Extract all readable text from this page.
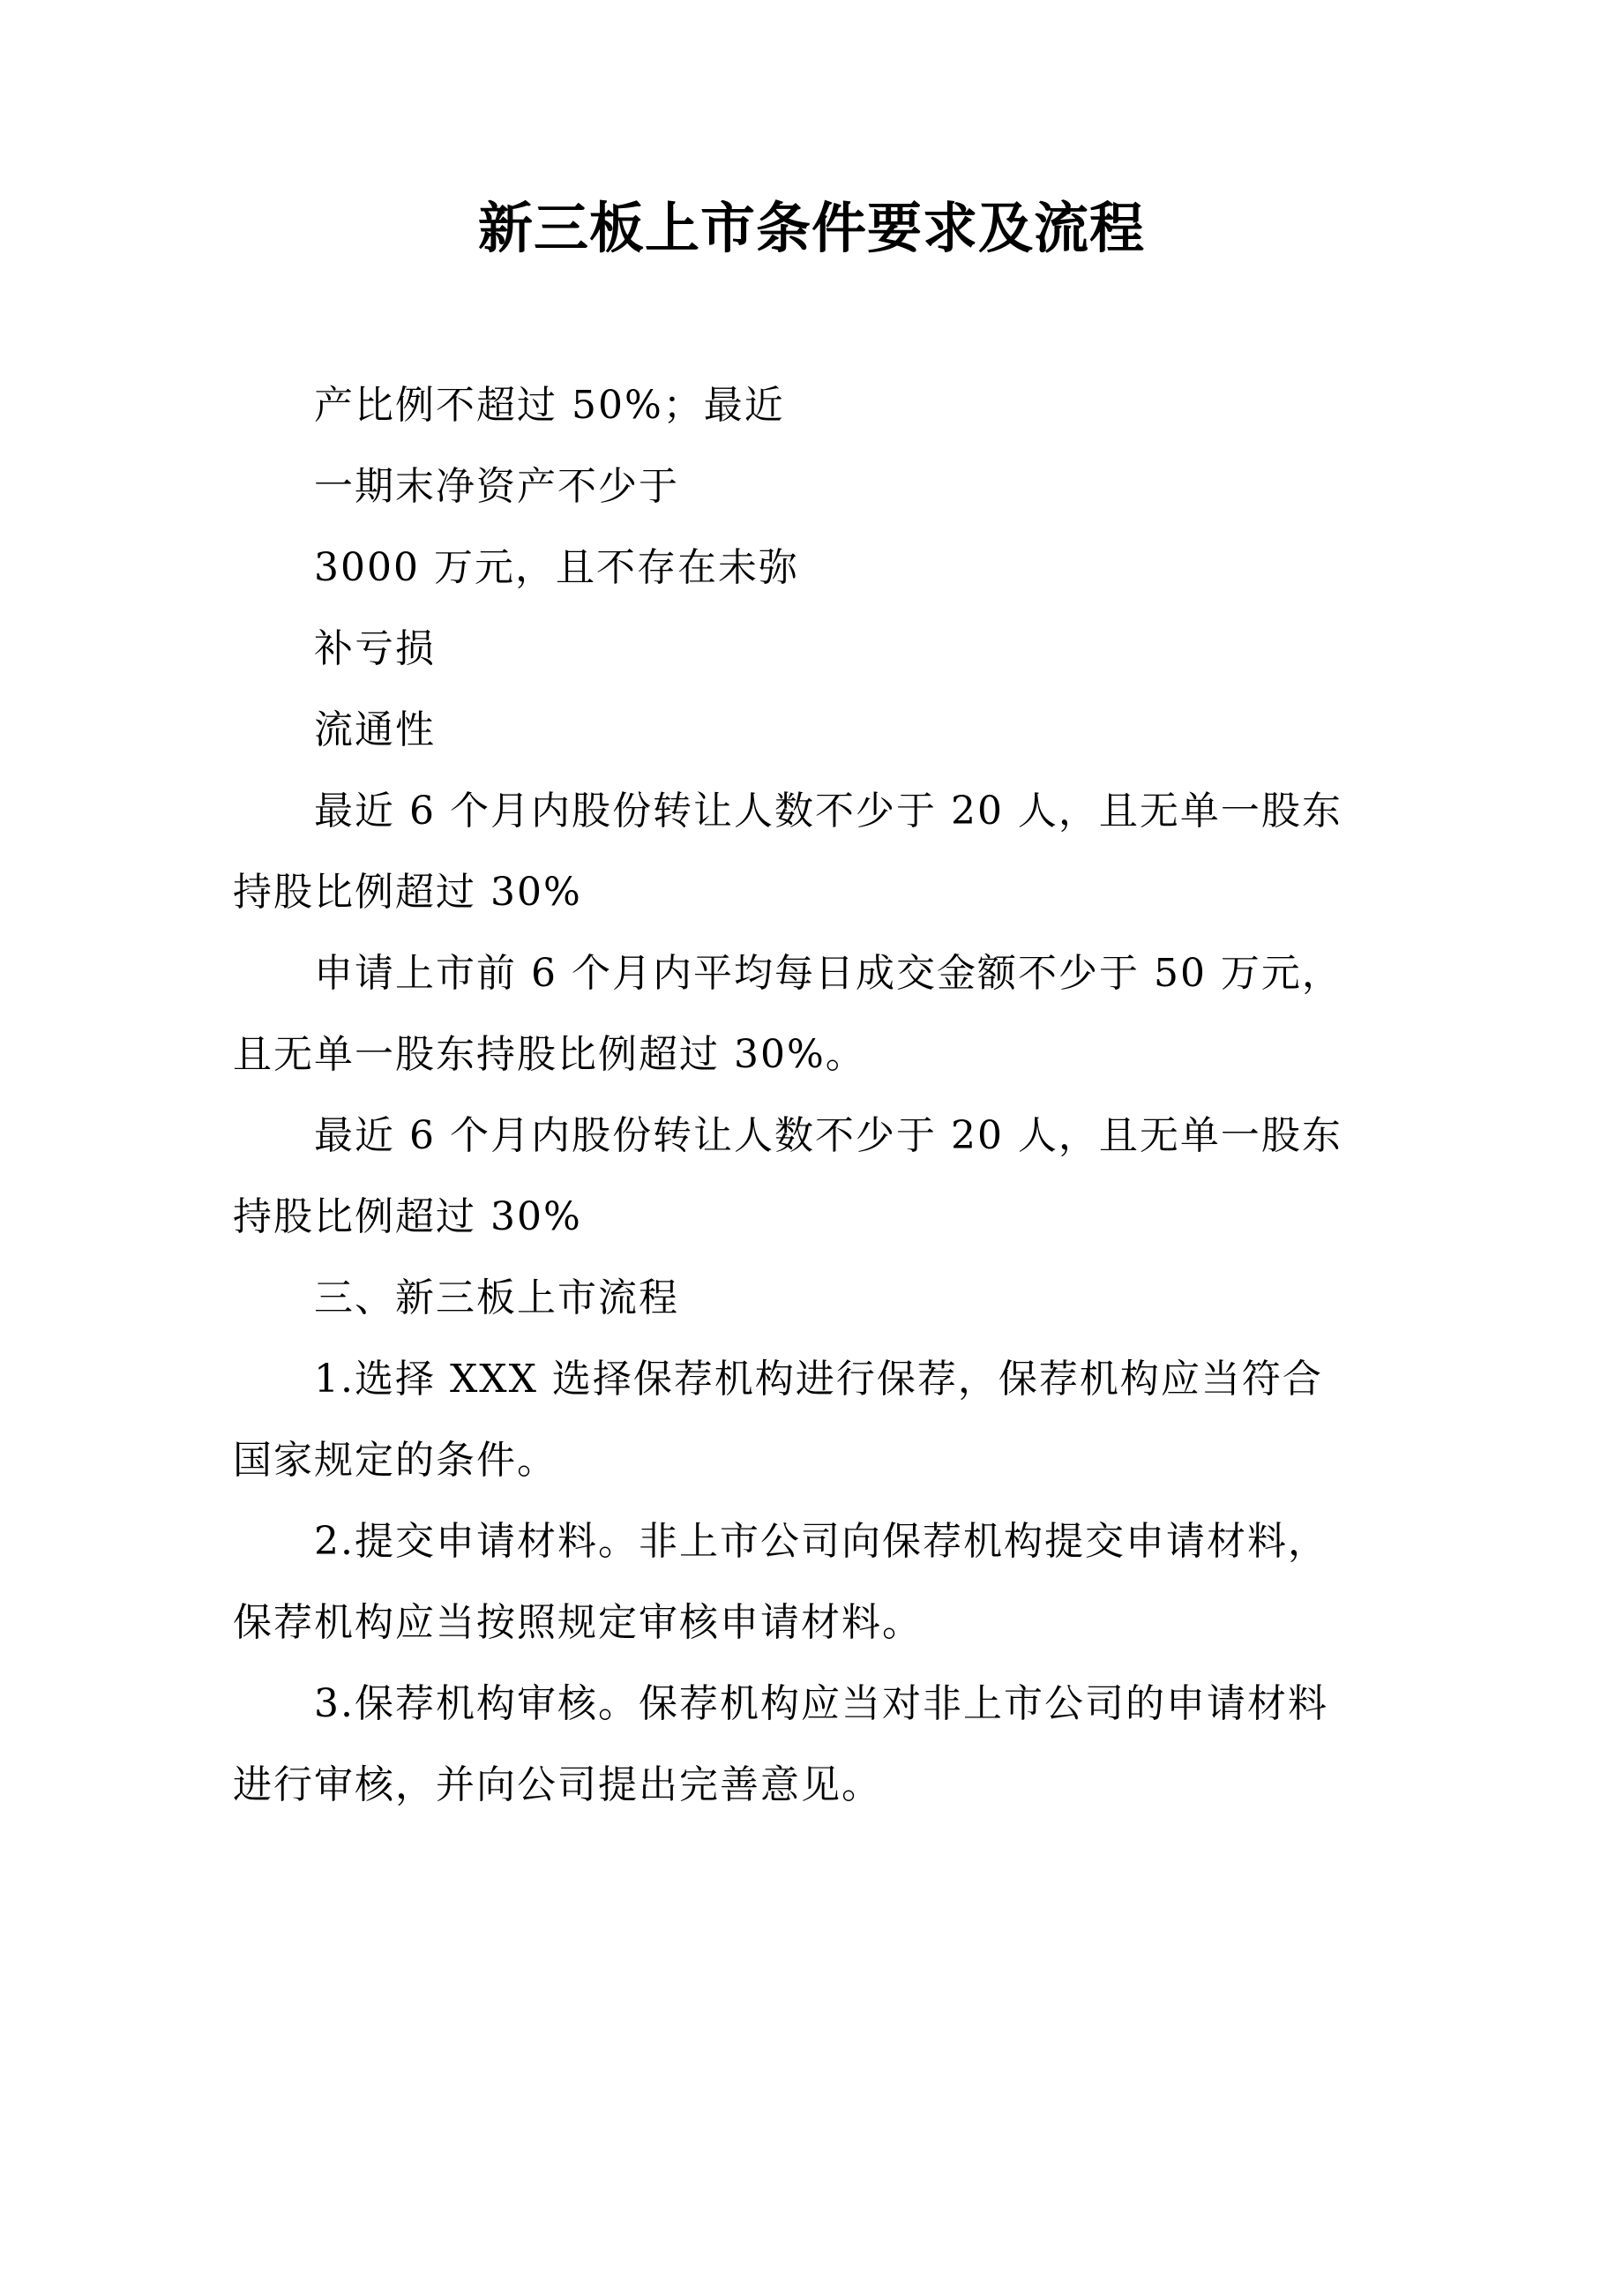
新三板上市条件要求及流程
产比例不超过 50%；最近
一期末净资产不少于
3000 万元，且不存在未弥
补亏损
流通性
最近 6 个月内股份转让人数不少于 20 人，且无单一股东
持股比例超过 30%
申请上市前 6 个月内平均每日成交金额不少于 50 万元，
且无单一股东持股比例超过 30%。
最近 6 个月内股份转让人数不少于 20 人，且无单一股东
持股比例超过 30%
三、新三板上市流程
1.选择 XXX 选择保荐机构进行保荐，保荐机构应当符合
国家规定的条件。
2.提交申请材料。非上市公司向保荐机构提交申请材料，
保荐机构应当按照规定审核申请材料。
3.保荐机构审核。保荐机构应当对非上市公司的申请材料
进行审核，并向公司提出完善意见。
